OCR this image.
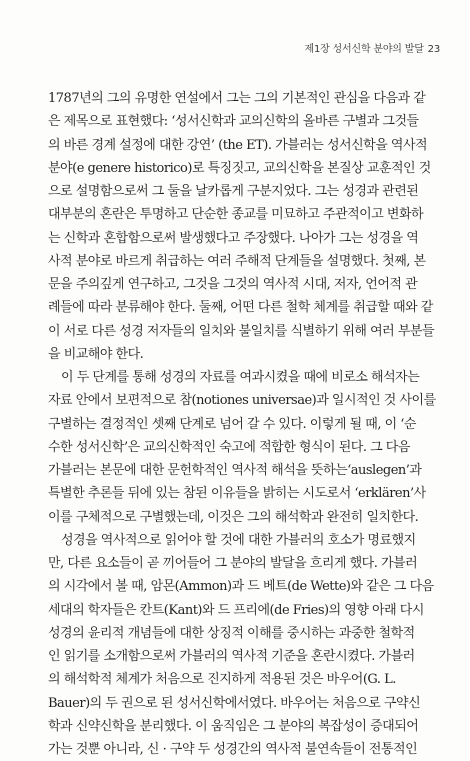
제1장 성서신학 분야의 발달 23
1787년의 그의 유명한 연설에서 그는 그의 기본적인 관심을 다음과 같
은 제목으로 표현했다: ‘성서신학과 교의신학의 올바른 구별과 그것들
의 바른 경계 설정에 대한 강연’ (the ET). 가블러는 성서신학을 역사적
분야(e genere historico)로 특징짓고, 교의신학을 본질상 교훈적인 것
으로 설명함으로써 그 둘을 날카롭게 구분지었다. 그는 성경과 관련된
대부분의 혼란은 투명하고 단순한 종교를 미묘하고 주관적이고 변화하
는 신학과 혼합함으로써 발생했다고 주장했다. 나아가 그는 성경을 역
사적 분야로 바르게 취급하는 여러 주해적 단계들을 설명했다. 첫째, 본
문을 주의깊게 연구하고, 그것을 그것의 역사적 시대, 저자, 언어적 관
례들에 따라 분류해야 한다. 둘째, 어떤 다른 철학 체계를 취급할 때와 같
이 서로 다른 성경 저자들의 일치와 불일치를 식별하기 위해 여러 부분들
을 비교해야 한다.
이 두 단계를 통해 성경의 자료를 여과시켰을 때에 비로소 해석자는
자료 안에서 보편적으로 참(notiones universae)과 일시적인 것 사이를
구별하는 결정적인 셋째 단계로 넘어 갈 수 있다. 이렇게 될 때, 이 ‘순
수한 성서신학’은 교의신학적인 숙고에 적합한 형식이 된다. 그 다음
가블러는 본문에 대한 문헌학적인 역사적 해석을 뜻하는‘auslegen’과
특별한 추론들 뒤에 있는 참된 이유들을 밝히는 시도로서 ‘erklären’사
이를 구체적으로 구별했는데, 이것은 그의 해석학과 완전히 일치한다.
성경을 역사적으로 읽어야 할 것에 대한 가블러의 호소가 명료했지
만, 다른 요소들이 곧 끼어들어 그 분야의 발달을 흐리게 했다. 가블러
의 시각에서 볼 때, 암몬(Ammon)과 드 베트(de Wette)와 같은 그 다음
세대의 학자들은 칸트(Kant)와 드 프리에(de Fries)의 영향 아래 다시
성경의 윤리적 개념들에 대한 상징적 이해를 중시하는 과중한 철학적
인 읽기를 소개함으로써 가블러의 역사적 기준을 혼란시켰다. 가블러
의 해석학적 체계가 처음으로 진지하게 적용된 것은 바우어(G. L.
Bauer)의 두 권으로 된 성서신학에서였다. 바우어는 처음으로 구약신
학과 신약신학을 분리했다. 이 움직임은 그 분야의 복잡성이 증대되어
가는 것뿐 아니라, 신 · 구약 두 성경간의 역사적 불연속들이 전통적인
